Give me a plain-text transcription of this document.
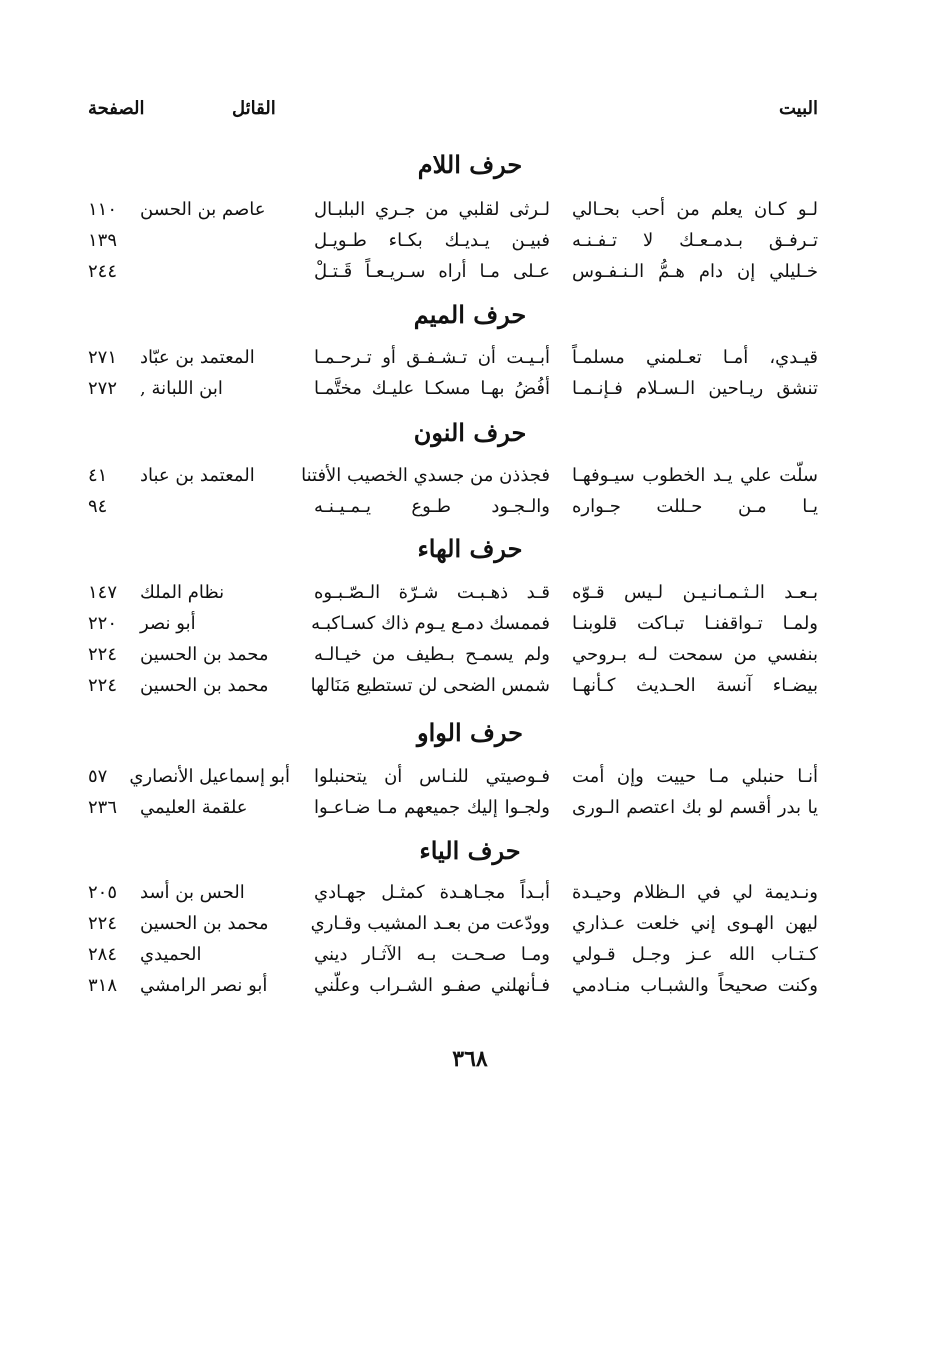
البيت
القائل
الصفحة
حرف اللام
لـو كـان يعلم من أحب بحـالي
لـرثى لقلبي من جـري البلبـال
عاصم بن الحسن
١١٠
تـرفـق بـدمـعـك لا تـفـنـه
فبيـن يـديـك بكـاء طـويـل
١٣٩
خـليلي إن دام هـمُّ الـنـفـوس
عـلى مـا أراه سـريـعـاً قَـتـلْ
٢٤٤
حرف الميم
قيـدي، أمـا تعـلمني مسلمـاً
أبـيـت أن تـشـفـق أو تـرحـمـا
المعتمد بن عبّاد
٢٧١
تنشق ريـاحين الـسـلام فـإنـمـا
أفُضُ بهـا مسكـا عليـك مختَّمـا
ابن اللبانة ,
٢٧٢
حرف النون
سلّت علي يـد الخطوب سيـوفهـا
فجذذن من جسدي الخصيب الأفتنا
المعتمد بن عباد
٤١
يـا مـن حـللت جـواره
والـجـود طـوع يـمـيـنـه
٩٤
حرف الهاء
بـعـد الـثـمـانـيـن لـيس قـوّه
قـد ذهـبـت شـرّة الـصّـبـوه
نظام الملك
١٤٧
ولمـا تـواقفنـا تبـاكت قلوبنـا
فممسك دمـع يـوم ذاك كسـاكبـه
أبو نصر
٢٢٠
بنفسي من سمحت لـه بـروحي
ولم يسمـح بـطيف من خيـالـه
محمد بن الحسين
٢٢٤
بيضـاء آنسة الحـديث كـأنهـا
شمس الضحى لن تستطيع مَنَالها
محمد بن الحسين
٢٢٤
حرف الواو
أنـا حنبلي مـا حييت وإن أمت
فـوصيتي للنـاس أن يتحنبلوا
أبو إسماعيل الأنصاري
٥٧
يا بدر أقسم لو بك اعتصم الـورى
ولجـوا إليك جميعهم مـا ضـاعـوا
علقمة العليمي
٢٣٦
حرف الياء
ونـديمة لي في الـظلام وحيـدة
أبـداً مجـاهـدة كمثـل جهـادي
الحس بن أسد
٢٠٥
ليهن الهـوى إني خلعت عـذاري
وودّعت من بعـد المشيب وقـاري
محمد بن الحسين
٢٢٤
كـتـاب الله عـز وجـل قـولي
ومـا صـحـت بـه الآثـار ديني
الحميدي
٢٨٤
وكنت صحيحاً والشبـاب منـادمي
فـأنهلني صفـو الشـراب وعلّني
أبو نصر الرامشي
٣١٨
٣٦٨
